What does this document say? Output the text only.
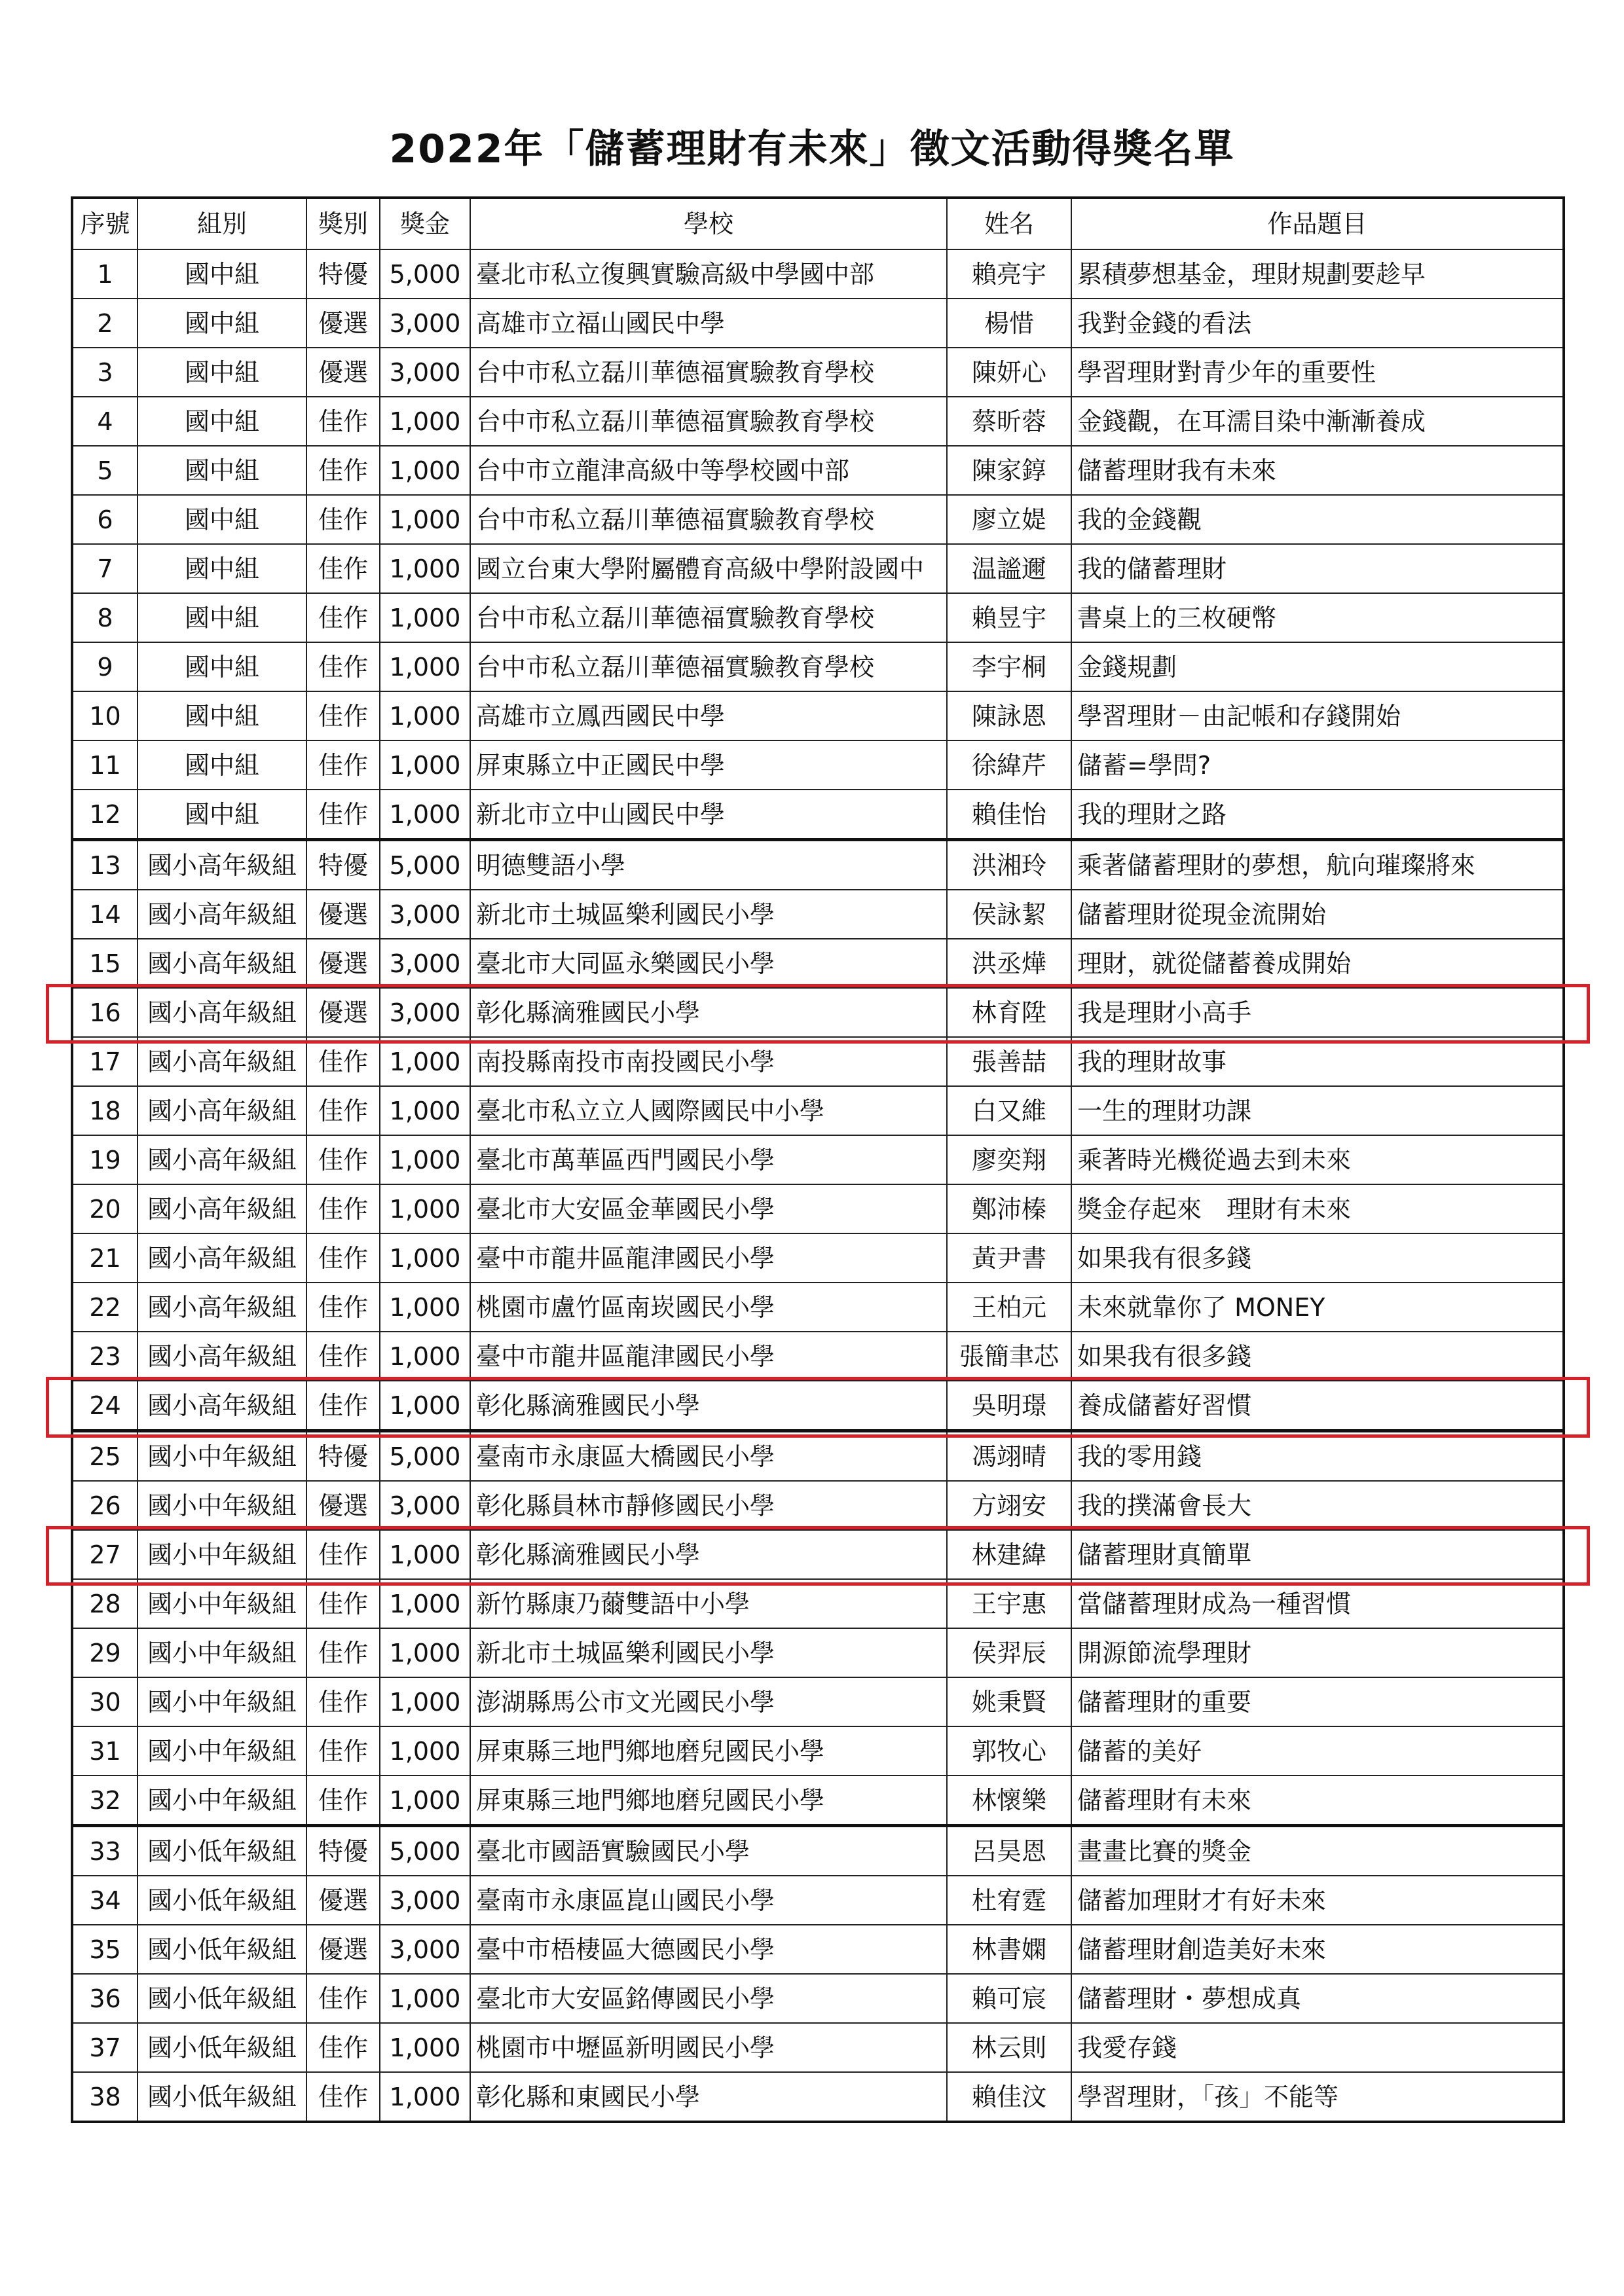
2022年「儲蓄理財有未來」徵文活動得獎名單
序號	組別	獎別	獎金	學校	姓名	作品題目
1	國中組	特優	5,000	臺北市私立復興實驗高級中學國中部	賴亮宇	累積夢想基金，理財規劃要趁早
2	國中組	優選	3,000	高雄市立福山國民中學	楊惜	我對金錢的看法
3	國中組	優選	3,000	台中市私立磊川華德福實驗教育學校	陳妍心	學習理財對青少年的重要性
4	國中組	佳作	1,000	台中市私立磊川華德福實驗教育學校	蔡昕蓉	金錢觀，在耳濡目染中漸漸養成
5	國中組	佳作	1,000	台中市立龍津高級中等學校國中部	陳家錞	儲蓄理財我有未來
6	國中組	佳作	1,000	台中市私立磊川華德福實驗教育學校	廖立媞	我的金錢觀
7	國中組	佳作	1,000	國立台東大學附屬體育高級中學附設國中	温謐邇	我的儲蓄理財
8	國中組	佳作	1,000	台中市私立磊川華德福實驗教育學校	賴昱宇	書桌上的三枚硬幣
9	國中組	佳作	1,000	台中市私立磊川華德福實驗教育學校	李宇桐	金錢規劃
10	國中組	佳作	1,000	高雄市立鳳西國民中學	陳詠恩	學習理財－由記帳和存錢開始
11	國中組	佳作	1,000	屏東縣立中正國民中學	徐緯芹	儲蓄=學問?
12	國中組	佳作	1,000	新北市立中山國民中學	賴佳怡	我的理財之路
13	國小高年級組	特優	5,000	明德雙語小學	洪湘玲	乘著儲蓄理財的夢想，航向璀璨將來
14	國小高年級組	優選	3,000	新北市土城區樂利國民小學	侯詠絜	儲蓄理財從現金流開始
15	國小高年級組	優選	3,000	臺北市大同區永樂國民小學	洪丞燁	理財，就從儲蓄養成開始
16	國小高年級組	優選	3,000	彰化縣滴雅國民小學	林育陞	我是理財小高手
17	國小高年級組	佳作	1,000	南投縣南投市南投國民小學	張善喆	我的理財故事
18	國小高年級組	佳作	1,000	臺北市私立立人國際國民中小學	白又維	一生的理財功課
19	國小高年級組	佳作	1,000	臺北市萬華區西門國民小學	廖奕翔	乘著時光機從過去到未來
20	國小高年級組	佳作	1,000	臺北市大安區金華國民小學	鄭沛榛	獎金存起來　理財有未來
21	國小高年級組	佳作	1,000	臺中市龍井區龍津國民小學	黃尹書	如果我有很多錢
22	國小高年級組	佳作	1,000	桃園市盧竹區南崁國民小學	王柏元	未來就靠你了 MONEY
23	國小高年級組	佳作	1,000	臺中市龍井區龍津國民小學	張簡聿芯	如果我有很多錢
24	國小高年級組	佳作	1,000	彰化縣滴雅國民小學	吳明璟	養成儲蓄好習慣
25	國小中年級組	特優	5,000	臺南市永康區大橋國民小學	馮翊晴	我的零用錢
26	國小中年級組	優選	3,000	彰化縣員林市靜修國民小學	方翊安	我的撲滿會長大
27	國小中年級組	佳作	1,000	彰化縣滴雅國民小學	林建緯	儲蓄理財真簡單
28	國小中年級組	佳作	1,000	新竹縣康乃薾雙語中小學	王宇惠	當儲蓄理財成為一種習慣
29	國小中年級組	佳作	1,000	新北市土城區樂利國民小學	侯羿辰	開源節流學理財
30	國小中年級組	佳作	1,000	澎湖縣馬公市文光國民小學	姚秉賢	儲蓄理財的重要
31	國小中年級組	佳作	1,000	屏東縣三地門鄉地磨兒國民小學	郭牧心	儲蓄的美好
32	國小中年級組	佳作	1,000	屏東縣三地門鄉地磨兒國民小學	林懷樂	儲蓄理財有未來
33	國小低年級組	特優	5,000	臺北市國語實驗國民小學	呂昊恩	畫畫比賽的獎金
34	國小低年級組	優選	3,000	臺南市永康區崑山國民小學	杜宥霆	儲蓄加理財才有好未來
35	國小低年級組	優選	3,000	臺中市梧棲區大德國民小學	林書嫻	儲蓄理財創造美好未來
36	國小低年級組	佳作	1,000	臺北市大安區銘傳國民小學	賴可宸	儲蓄理財・夢想成真
37	國小低年級組	佳作	1,000	桃園市中壢區新明國民小學	林云則	我愛存錢
38	國小低年級組	佳作	1,000	彰化縣和東國民小學	賴佳汶	學習理財，「孩」不能等
